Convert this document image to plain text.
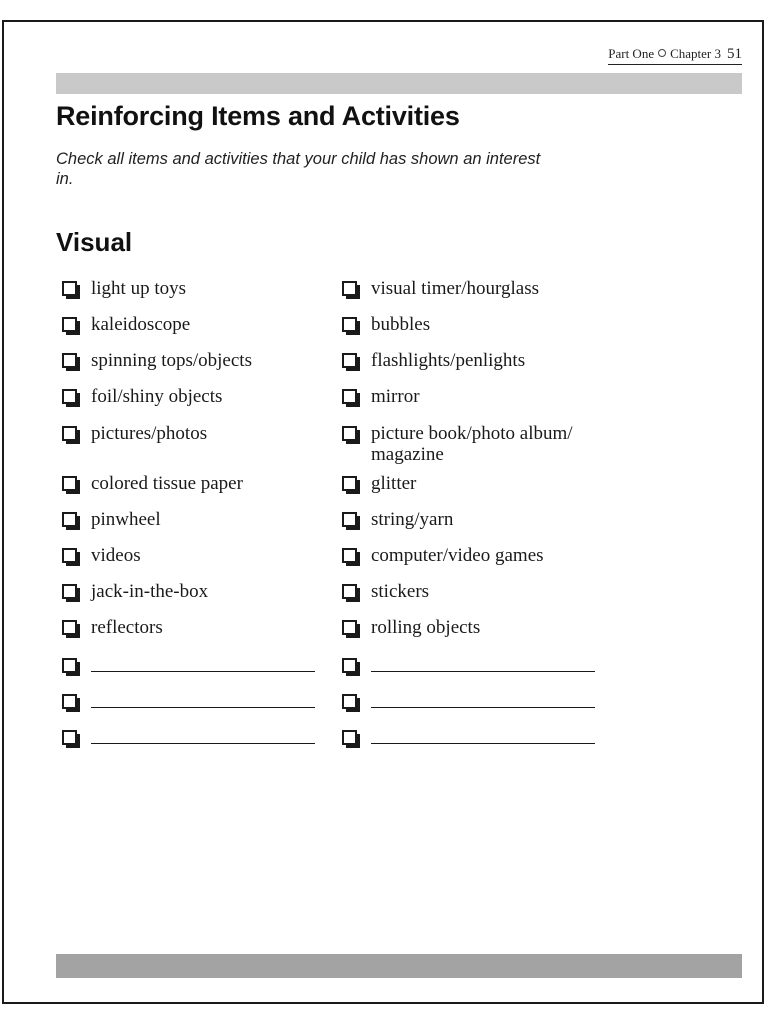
Part One Chapter 3 51
Reinforcing Items and Activities

Check all items and activities that your child has shown an interest in.

Visual
light up toys
kaleidoscope
spinning tops/objects
foil/shiny objects
pictures/photos
colored tissue paper
pinwheel
videos
jack-in-the-box
reflectors
visual timer/hourglass
bubbles
flashlights/penlights
mirror
picture book/photo album/ magazine
glitter
string/yarn
computer/video games
stickers
rolling objects
